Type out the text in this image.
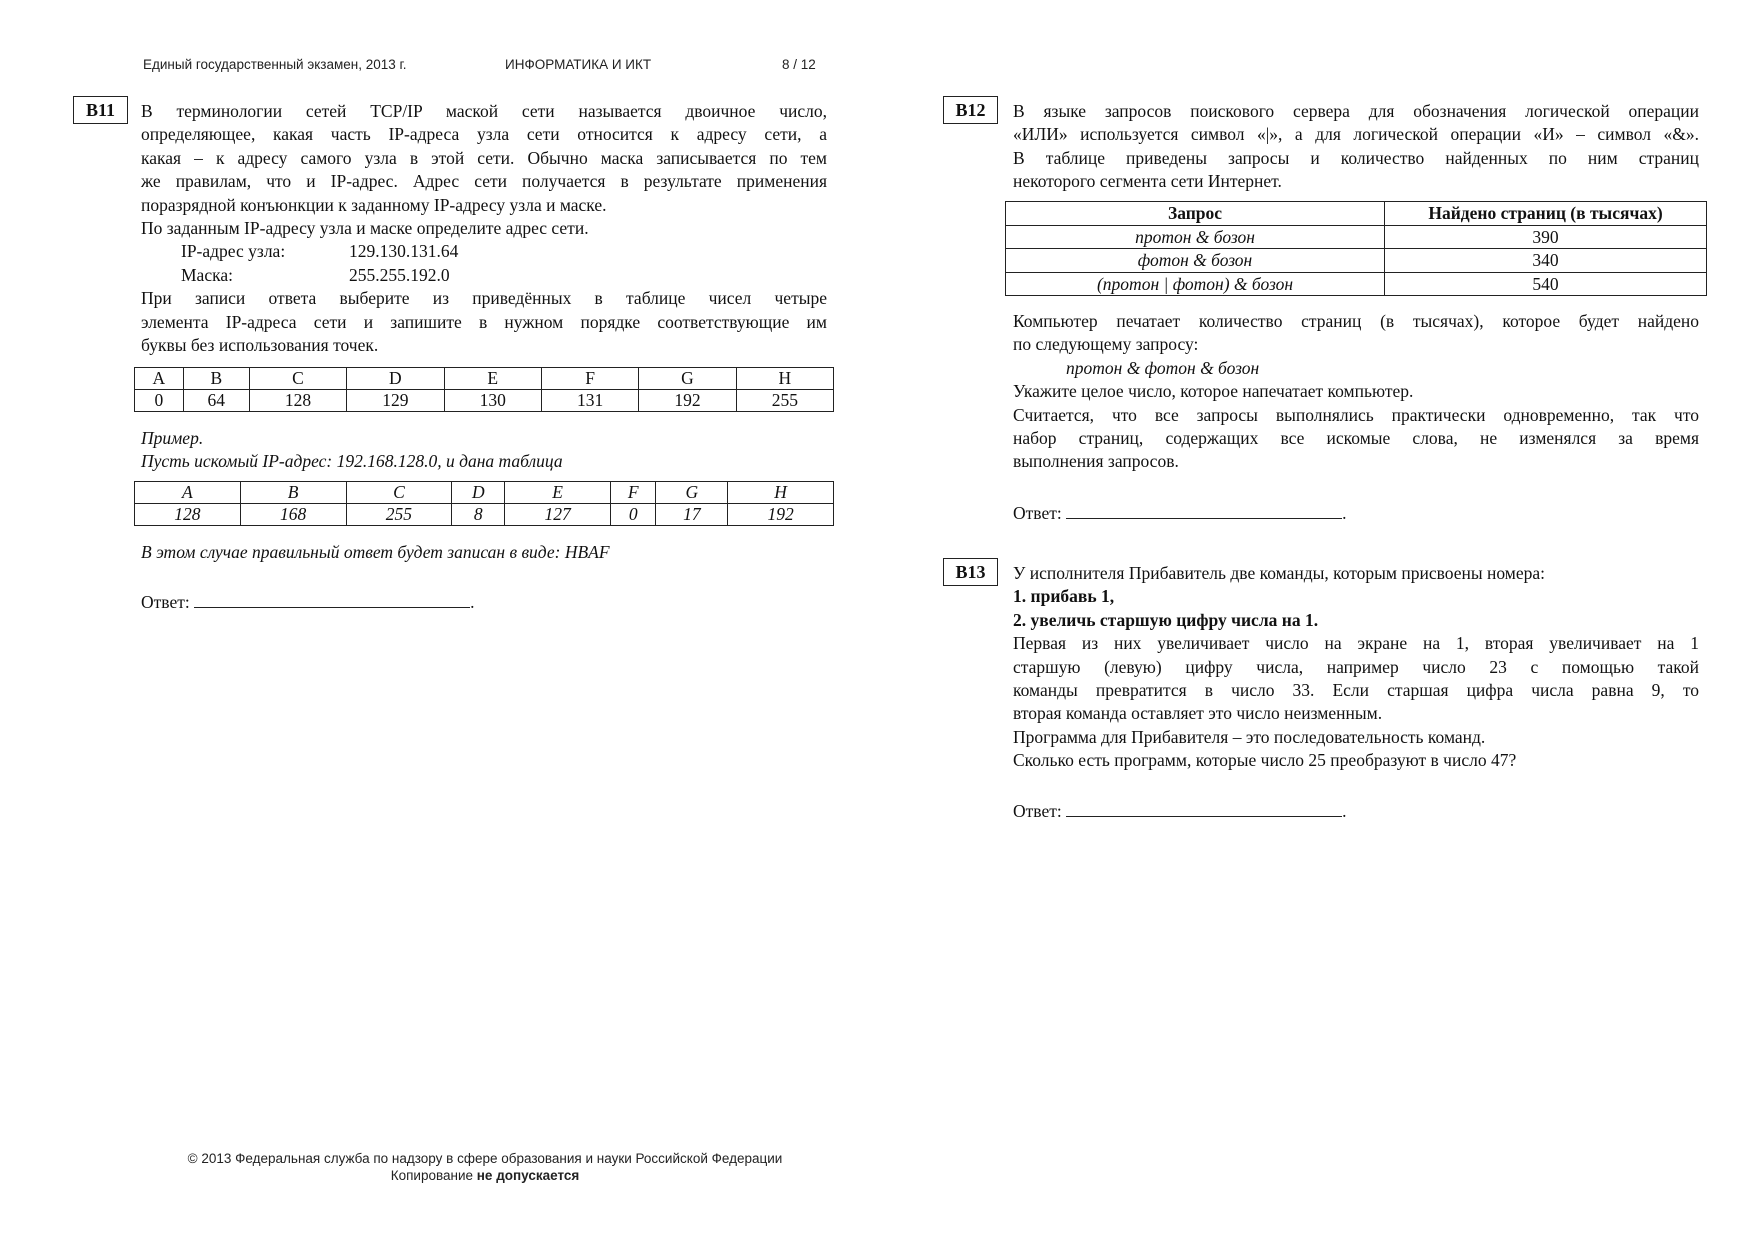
Единый государственный экзамен, 2013 г.	ИНФОРМАТИКА И ИКТ	8 / 12
B11	В терминологии сетей TCP/IP маской сети называется двоичное число,

определяющее, какая часть IP-адреса узла сети относится к адресу сети, а

какая – к адресу самого узла в этой сети. Обычно маска записывается по тем

же правилам, что и IP-адрес. Адрес сети получается в результате применения

поразрядной конъюнкции к заданному IP-адресу узла и маске.

По заданным IP-адресу узла и маске определите адрес сети.

IP-адрес узла:	129.130.131.64

Маска:	255.255.192.0

При записи ответа выберите из приведённых в таблице чисел четыре

элемента IP-адреса сети и запишите в нужном порядке соответствующие им

буквы без использования точек.

A	B	C	D	E	F	G	H
0	64	128	129	130	131	192	255

Пример.

Пусть искомый IP-адрес: 192.168.128.0, и дана таблица

A	B	C	D	E	F	G	H
128	168	255	8	127	0	17	192
В этом случае правильный ответ будет записан в виде: HBAF
Ответ:	.
B12	В языке запросов поискового сервера для обозначения логической операции

«ИЛИ» используется символ «|», а для логической операции «И» – символ «&».

В таблице приведены запросы и количество найденных по ним страниц

некоторого сегмента сети Интернет.

Запрос	Найдено страниц (в тысячах)
протон & бозон	390
фотон & бозон	340
(протон | фотон) & бозон	540

Компьютер печатает количество страниц (в тысячах), которое будет найдено

по следующему запросу:

протон & фотон & бозон

Укажите целое число, которое напечатает компьютер.

Считается, что все запросы выполнялись практически одновременно, так что

набор страниц, содержащих все искомые слова, не изменялся за время

выполнения запросов.

Ответ:	.
B13	У исполнителя Прибавитель две команды, которым присвоены номера:

1. прибавь 1,

2. увеличь старшую цифру числа на 1.

Первая из них увеличивает число на экране на 1, вторая увеличивает на 1

старшую (левую) цифру числа, например число 23 с помощью такой

команды превратится в число 33. Если старшая цифра числа равна 9, то

вторая команда оставляет это число неизменным.

Программа для Прибавителя – это последовательность команд.

Сколько есть программ, которые число 25 преобразуют в число 47?

Ответ:	.
© 2013 Федеральная служба по надзору в сфере образования и науки Российской Федерации
Копирование не допускается
